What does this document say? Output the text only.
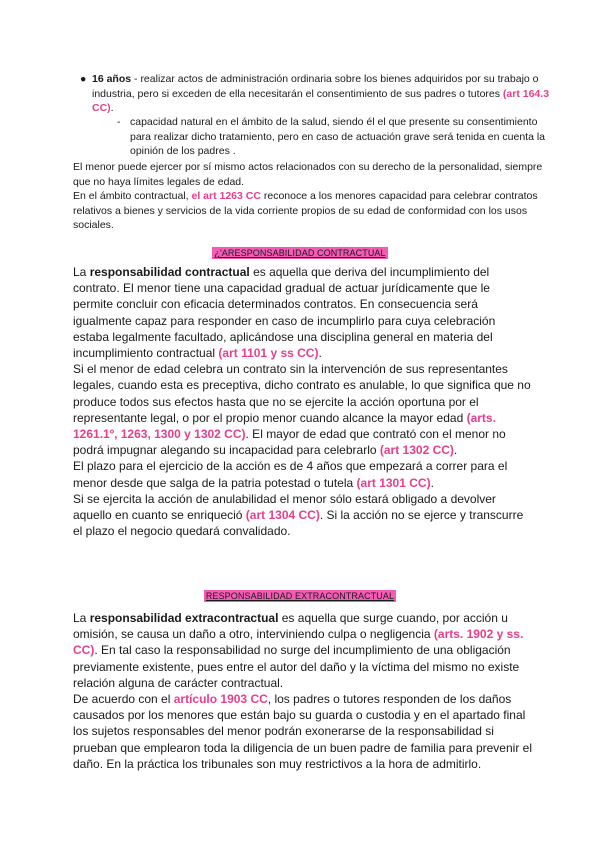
● 16 años - realizar actos de administración ordinaria sobre los bienes adquiridos por su trabajo o industria, pero si exceden de ella necesitarán el consentimiento de sus padres o tutores (art 164.3 CC).
- capacidad natural en el ámbito de la salud, siendo él el que presente su consentimiento para realizar dicho tratamiento, pero en caso de actuación grave será tenida en cuenta la opinión de los padres .
El menor puede ejercer por sí mismo actos relacionados con su derecho de la personalidad, siempre que no haya límites legales de edad.
En el ámbito contractual, el art 1263 CC reconoce a los menores capacidad para celebrar contratos relativos a bienes y servicios de la vida corriente propios de su edad de conformidad con los usos sociales.
¿'ARESPONSABILIDAD CONTRACTUAL

La responsabilidad contractual es aquella que deriva del incumplimiento del contrato. El menor tiene una capacidad gradual de actuar jurídicamente que le permite concluir con eficacia determinados contratos. En consecuencia será igualmente capaz para responder en caso de incumplirlo para cuya celebración estaba legalmente facultado, aplicándose una disciplina general en materia del incumplimiento contractual (art 1101 y ss CC).

Si el menor de edad celebra un contrato sin la intervención de sus representantes legales, cuando esta es preceptiva, dicho contrato es anulable, lo que significa que no produce todos sus efectos hasta que no se ejercite la acción oportuna por el representante legal, o por el propio menor cuando alcance la mayor edad (arts. 1261.1º, 1263, 1300 y 1302 CC). El mayor de edad que contrató con el menor no podrá impugnar alegando su incapacidad para celebrarlo (art 1302 CC).

El plazo para el ejercicio de la acción es de 4 años que empezará a correr para el menor desde que salga de la patria potestad o tutela (art 1301 CC).

Si se ejercita la acción de anulabilidad el menor sólo estará obligado a devolver aquello en cuanto se enriqueció (art 1304 CC). Si la acción no se ejerce y transcurre el plazo el negocio quedará convalidado.

RESPONSABILIDAD EXTRACONTRACTUAL

La responsabilidad extracontractual es aquella que surge cuando, por acción u omisión, se causa un daño a otro, interviniendo culpa o negligencia (arts. 1902 y ss. CC). En tal caso la responsabilidad no surge del incumplimiento de una obligación previamente existente, pues entre el autor del daño y la víctima del mismo no existe relación alguna de carácter contractual.

De acuerdo con el artículo 1903 CC, los padres o tutores responden de los daños causados por los menores que están bajo su guarda o custodia y en el apartado final los sujetos responsables del menor podrán exonerarse de la responsabilidad si prueban que emplearon toda la diligencia de un buen padre de familia para prevenir el daño. En la práctica los tribunales son muy restrictivos a la hora de admitirlo.
